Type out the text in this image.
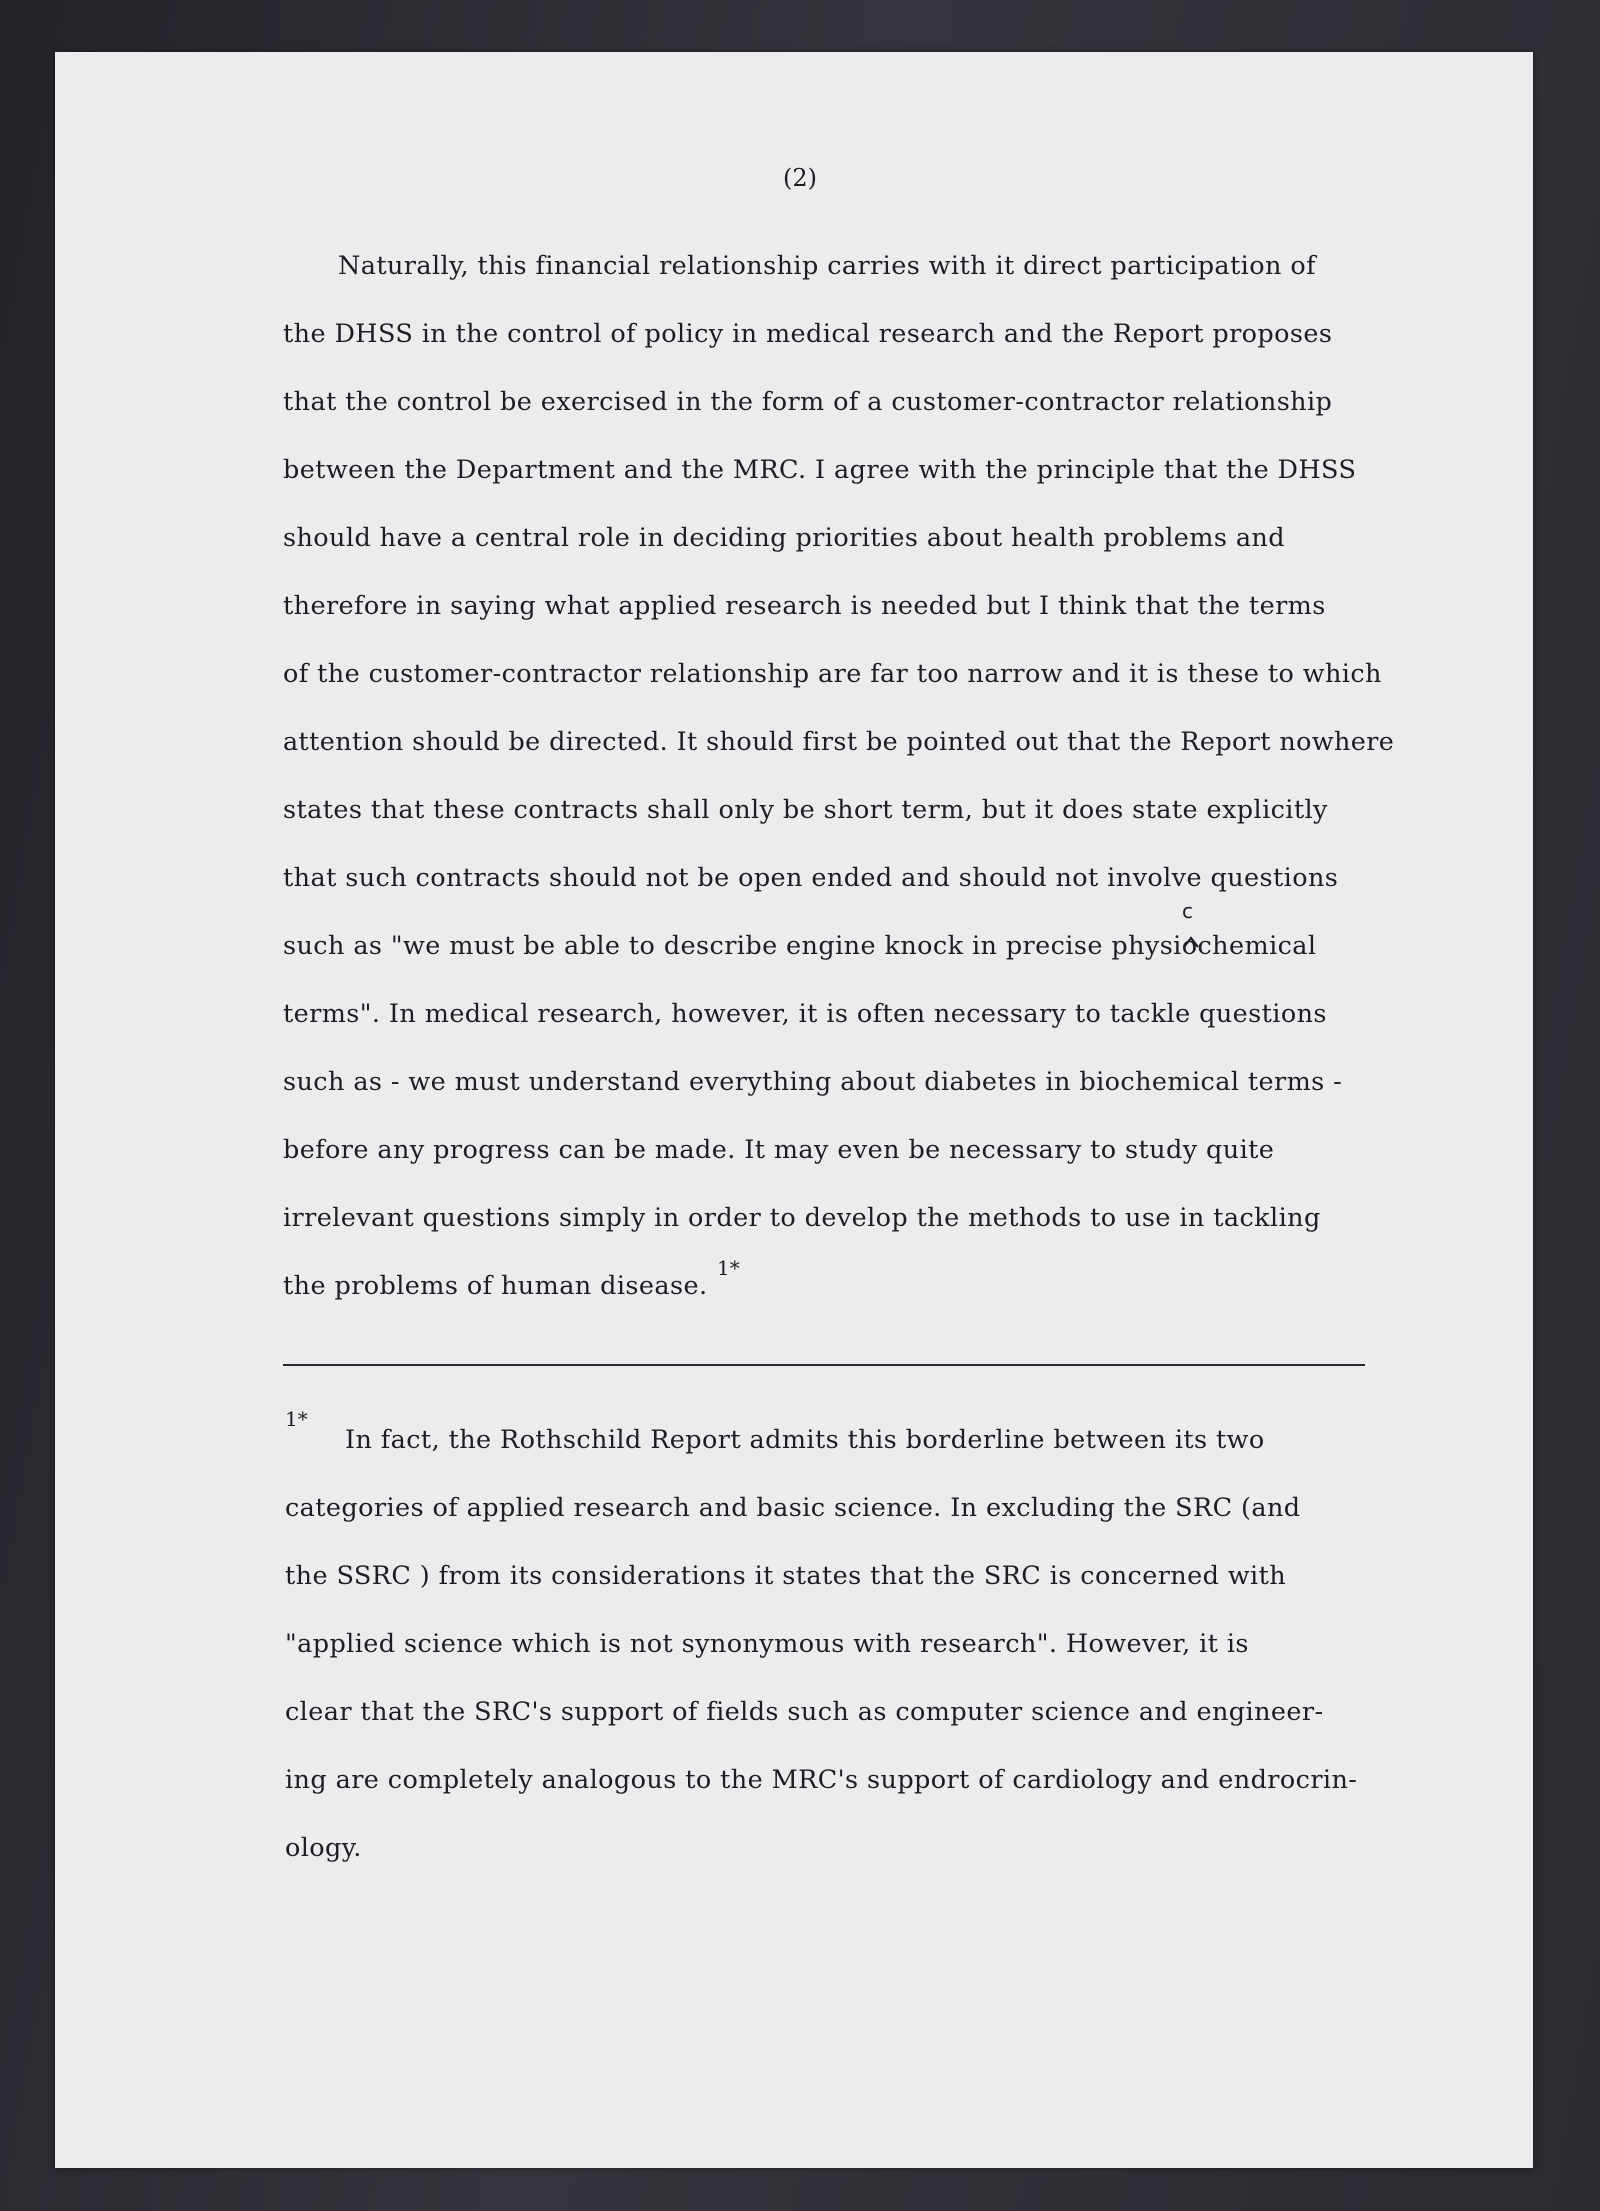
(2)
Naturally, this financial relationship carries with it direct participation of
the DHSS in the control of policy in medical research and the Report proposes
that the control be exercised in the form of a customer-contractor relationship
between the Department and the MRC. I agree with the principle that the DHSS
should have a central role in deciding priorities about health problems and
therefore in saying what applied research is needed but I think that the terms
of the customer-contractor relationship are far too narrow and it is these to which
attention should be directed. It should first be pointed out that the Report nowhere
states that these contracts shall only be short term, but it does state explicitly
that such contracts should not be open ended and should not involve questions
such as "we must be able to describe engine knock in precise physiochemical
terms". In medical research, however, it is often necessary to tackle questions
such as - we must understand everything about diabetes in biochemical terms -
before any progress can be made. It may even be necessary to study quite
irrelevant questions simply in order to develop the methods to use in tackling
the problems of human disease.
1*
c
1*
In fact, the Rothschild Report admits this borderline between its two
categories of applied research and basic science. In excluding the SRC (and
the SSRC ) from its considerations it states that the SRC is concerned with
"applied science which is not synonymous with research". However, it is
clear that the SRC's support of fields such as computer science and engineer-
ing are completely analogous to the MRC's support of cardiology and endrocrin-
ology.
